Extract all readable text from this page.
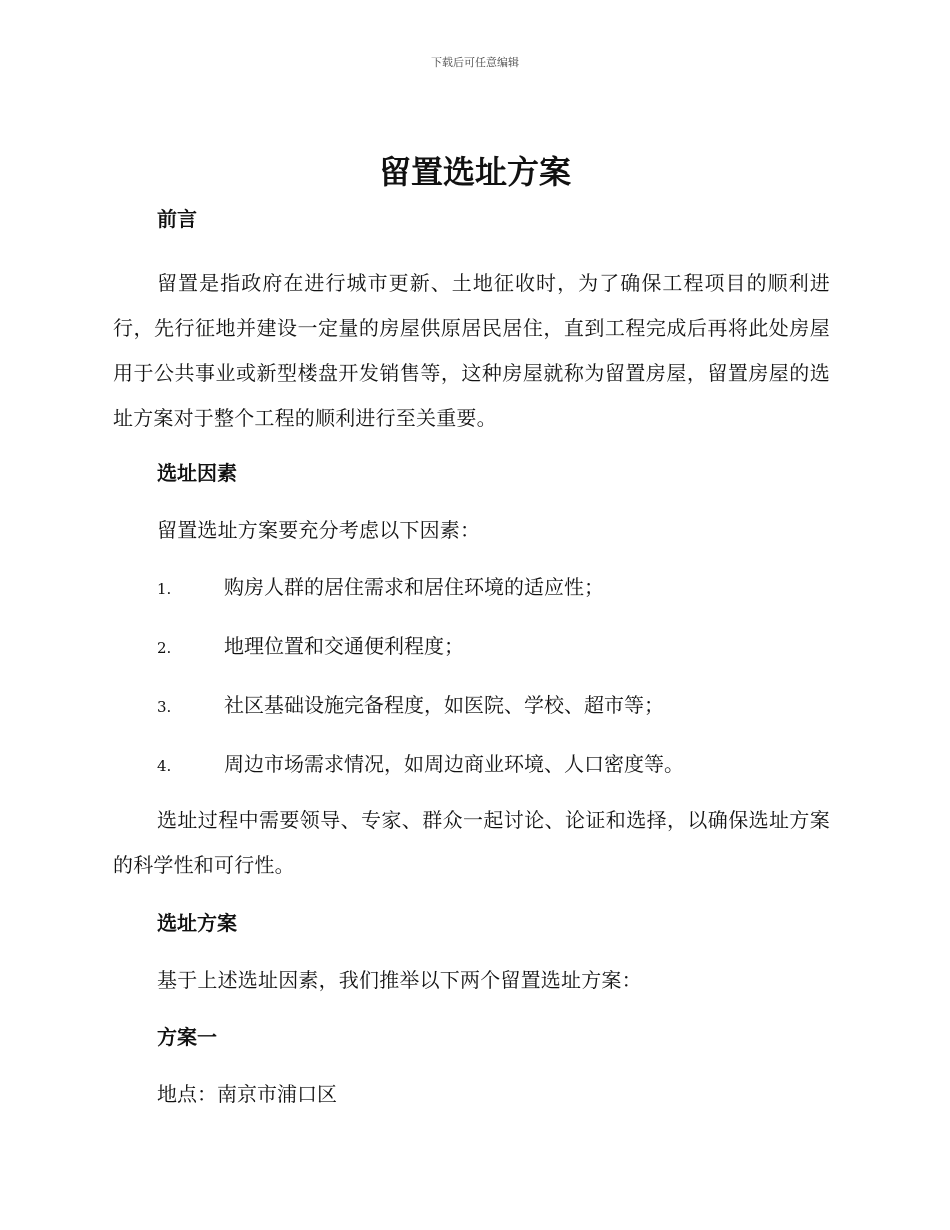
下载后可任意编辑
留置选址方案
前言

留置是指政府在进行城市更新、土地征收时，为了确保工程项目的顺利进行，先行征地并建设一定量的房屋供原居民居住，直到工程完成后再将此处房屋用于公共事业或新型楼盘开发销售等，这种房屋就称为留置房屋，留置房屋的选址方案对于整个工程的顺利进行至关重要。

选址因素

留置选址方案要充分考虑以下因素：

1.	购房人群的居住需求和居住环境的适应性；
2.	地理位置和交通便利程度；
3.	社区基础设施完备程度，如医院、学校、超市等；
4.	周边市场需求情况，如周边商业环境、人口密度等。

选址过程中需要领导、专家、群众一起讨论、论证和选择，以确保选址方案的科学性和可行性。

选址方案

基于上述选址因素，我们推举以下两个留置选址方案：

方案一

地点：南京市浦口区
